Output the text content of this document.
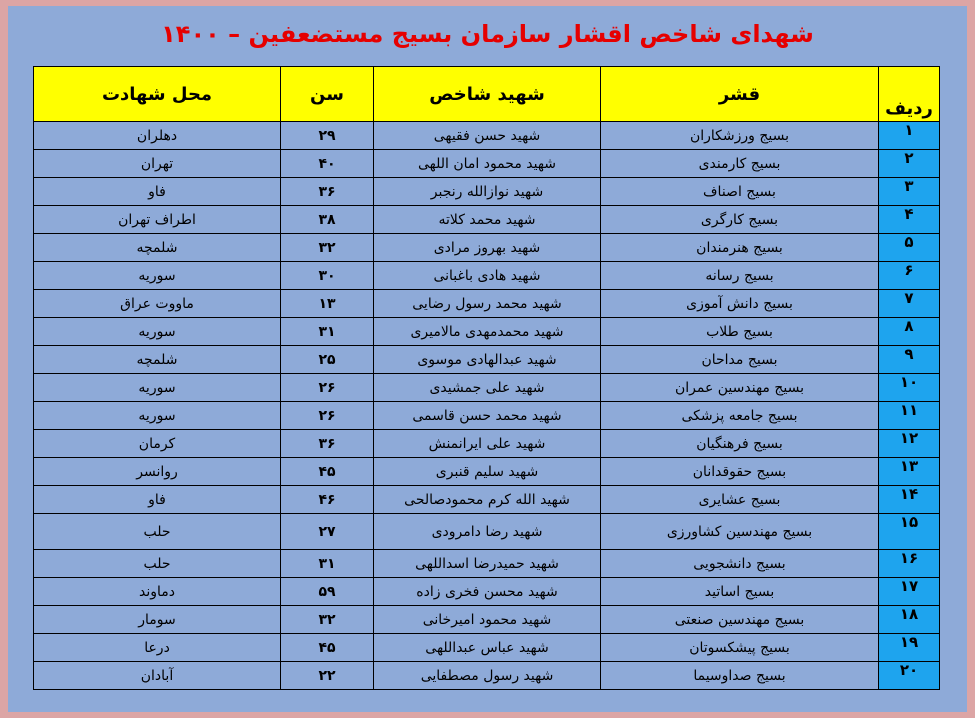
شهدای شاخص اقشار سازمان بسیج مستضعفین – ۱۴۰۰
ردیف	قشر	شهید شاخص	سن	محل شهادت
۱	بسیج ورزشکاران	شهید حسن فقیهی	۲۹	دهلران
۲	بسیج کارمندی	شهید محمود امان اللهی	۴۰	تهران
۳	بسیج اصناف	شهید نوازالله رنجبر	۳۶	فاو
۴	بسیج کارگری	شهید محمد کلاته	۳۸	اطراف تهران
۵	بسیج هنرمندان	شهید بهروز مرادی	۳۲	شلمچه
۶	بسیج رسانه	شهید هادی باغبانی	۳۰	سوریه
۷	بسیج دانش آموزی	شهید محمد رسول رضایی	۱۳	ماووت عراق
۸	بسیج طلاب	شهید محمدمهدی مالامیری	۳۱	سوریه
۹	بسیج مداحان	شهید عبدالهادی موسوی	۲۵	شلمچه
۱۰	بسیج مهندسین عمران	شهید علی جمشیدی	۲۶	سوریه
۱۱	بسیج جامعه پزشکی	شهید محمد حسن قاسمی	۲۶	سوریه
۱۲	بسیج فرهنگیان	شهید علی ایرانمنش	۳۶	کرمان
۱۳	بسیج حقوقدانان	شهید سلیم قنبری	۴۵	روانسر
۱۴	بسیج عشایری	شهید الله کرم محمودصالحی	۴۶	فاو
۱۵	بسیج مهندسین کشاورزی	شهید رضا دامرودی	۲۷	حلب
۱۶	بسیج دانشجویی	شهید حمیدرضا اسداللهی	۳۱	حلب
۱۷	بسیج اساتید	شهید محسن فخری زاده	۵۹	دماوند
۱۸	بسیج مهندسین صنعتی	شهید محمود امیرخانی	۳۲	سومار
۱۹	بسیج پیشکسوتان	شهید عباس عبداللهی	۴۵	درعا
۲۰	بسیج صداوسیما	شهید رسول مصطفایی	۲۲	آبادان
